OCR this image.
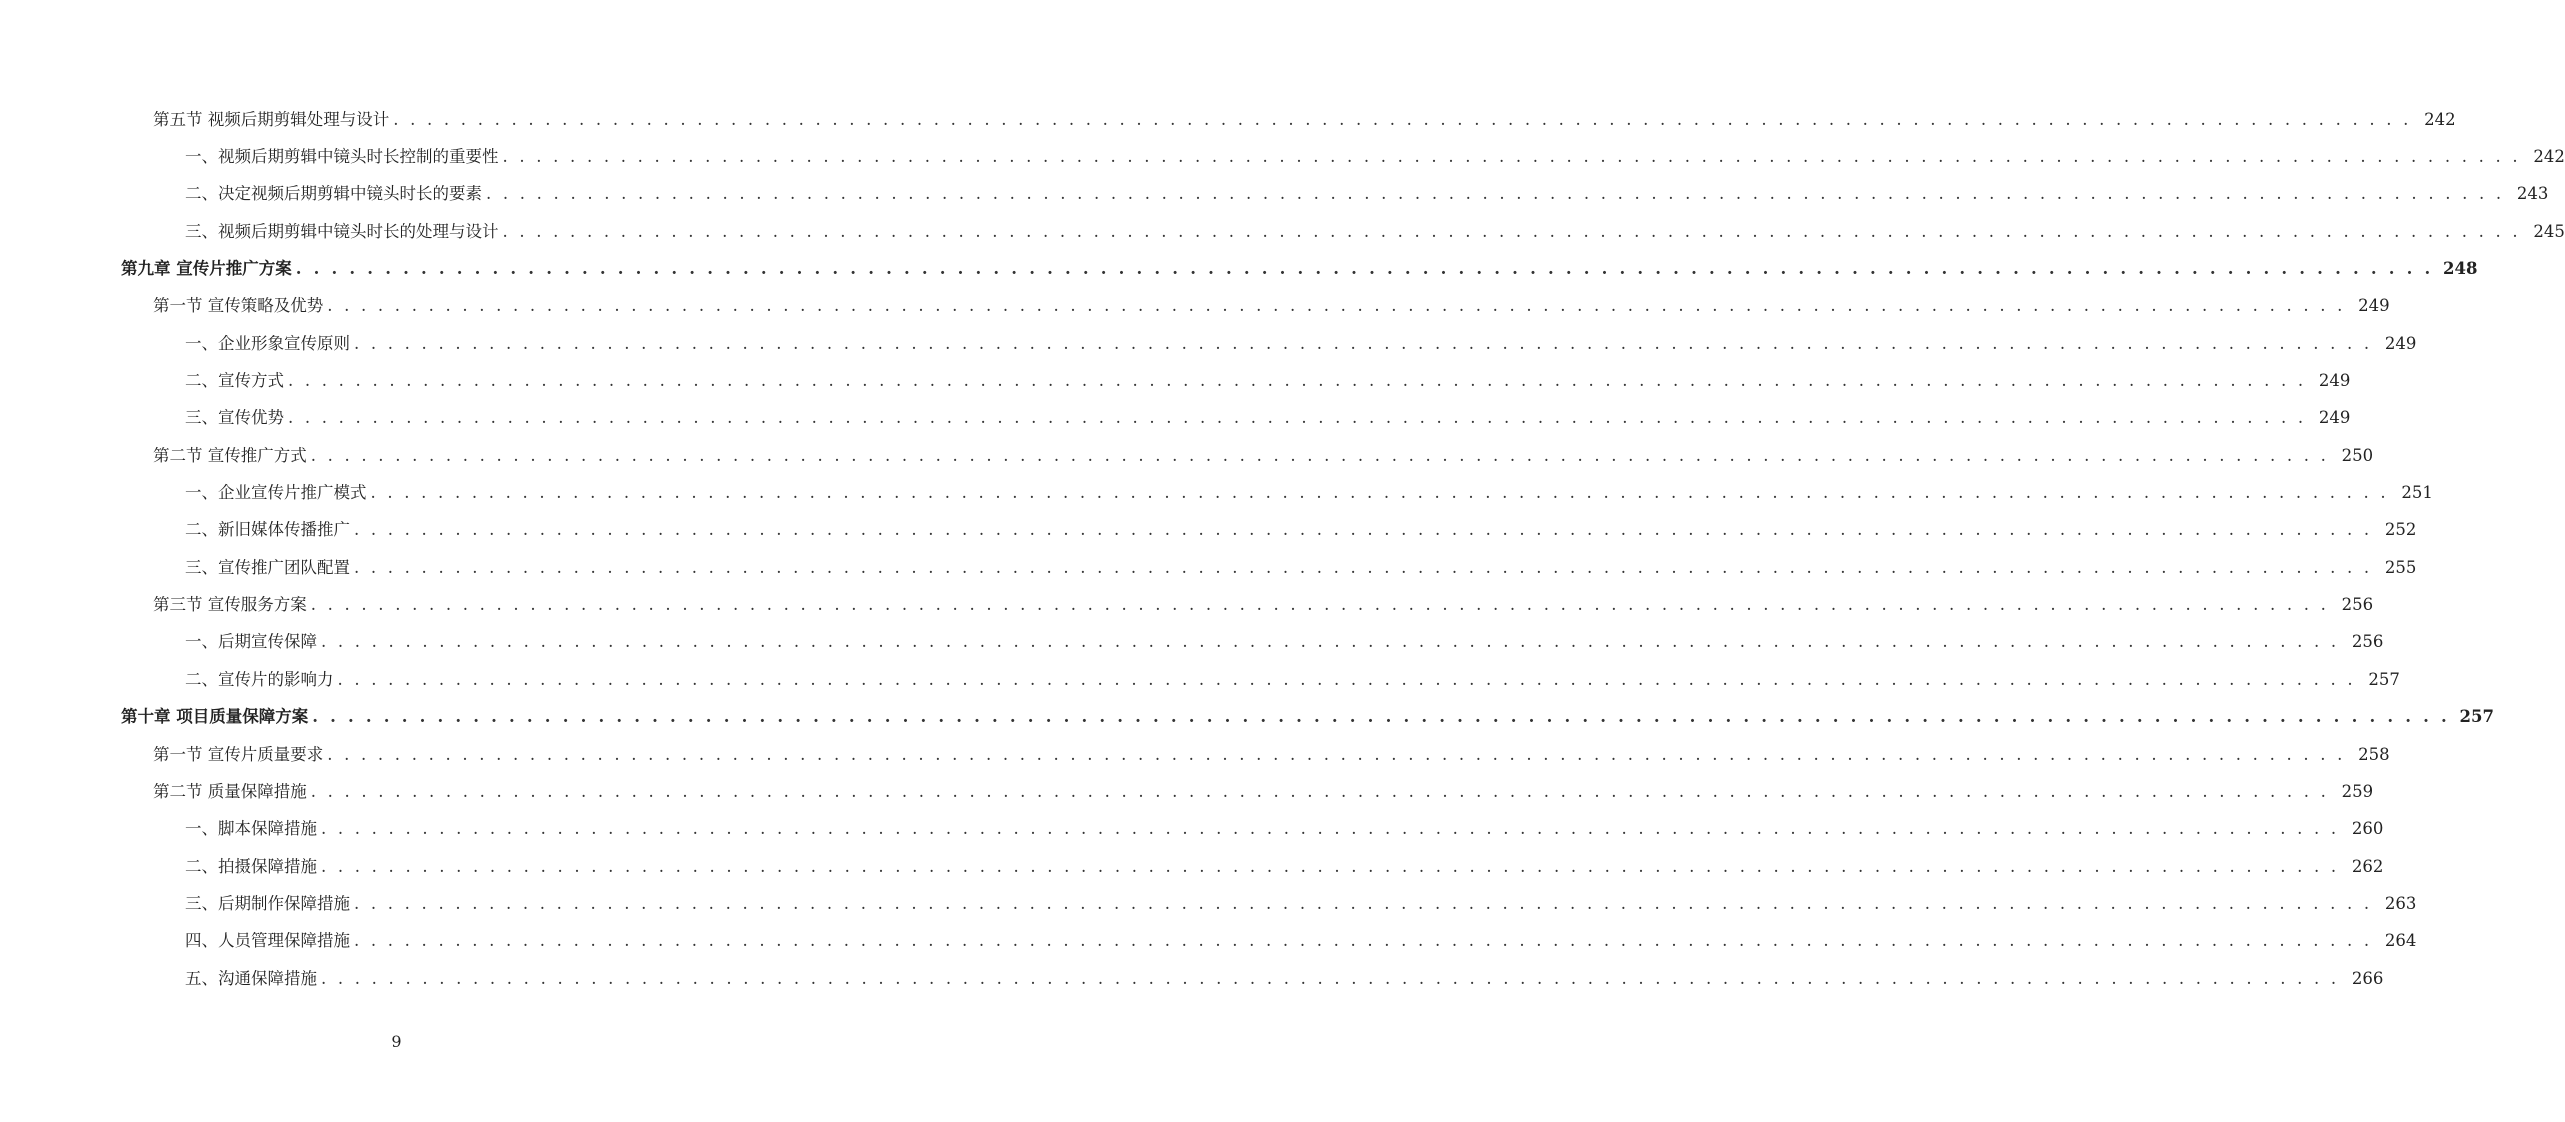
第五节 视频后期剪辑处理与设计 . . . . . . . . . . . . . . . . . . . . . . . . . . . . . . . . . . . . . . . . . . . . . . . . . . . . . . . . . . . . . . . . . . . . . . . . . . . . . . . . . . . . . . . . . . . . . . . . . . . . . . . . . . . . . . . . . . . . . . . . 242
一、视频后期剪辑中镜头时长控制的重要性 . . . . . . . . . . . . . . . . . . . . . . . . . . . . . . . . . . . . . . . . . . . . . . . . . . . . . . . . . . . . . . . . . . . . . . . . . . . . . . . . . . . . . . . . . . . . . . . . . . . . . . . . . . . . . . . . . . . . . . . . 242
二、决定视频后期剪辑中镜头时长的要素 . . . . . . . . . . . . . . . . . . . . . . . . . . . . . . . . . . . . . . . . . . . . . . . . . . . . . . . . . . . . . . . . . . . . . . . . . . . . . . . . . . . . . . . . . . . . . . . . . . . . . . . . . . . . . . . . . . . . . . . . 243
三、视频后期剪辑中镜头时长的处理与设计 . . . . . . . . . . . . . . . . . . . . . . . . . . . . . . . . . . . . . . . . . . . . . . . . . . . . . . . . . . . . . . . . . . . . . . . . . . . . . . . . . . . . . . . . . . . . . . . . . . . . . . . . . . . . . . . . . . . . . . . . 245
第九章 宣传片推广方案 . . . . . . . . . . . . . . . . . . . . . . . . . . . . . . . . . . . . . . . . . . . . . . . . . . . . . . . . . . . . . . . . . . . . . . . . . . . . . . . . . . . . . . . . . . . . . . . . . . . . . . . . . . . . . . . . . . . . . . . . 248
第一节 宣传策略及优势 . . . . . . . . . . . . . . . . . . . . . . . . . . . . . . . . . . . . . . . . . . . . . . . . . . . . . . . . . . . . . . . . . . . . . . . . . . . . . . . . . . . . . . . . . . . . . . . . . . . . . . . . . . . . . . . . . . . . . . . . 249
一、企业形象宣传原则 . . . . . . . . . . . . . . . . . . . . . . . . . . . . . . . . . . . . . . . . . . . . . . . . . . . . . . . . . . . . . . . . . . . . . . . . . . . . . . . . . . . . . . . . . . . . . . . . . . . . . . . . . . . . . . . . . . . . . . . . 249
二、宣传方式 . . . . . . . . . . . . . . . . . . . . . . . . . . . . . . . . . . . . . . . . . . . . . . . . . . . . . . . . . . . . . . . . . . . . . . . . . . . . . . . . . . . . . . . . . . . . . . . . . . . . . . . . . . . . . . . . . . . . . . . . 249
三、宣传优势 . . . . . . . . . . . . . . . . . . . . . . . . . . . . . . . . . . . . . . . . . . . . . . . . . . . . . . . . . . . . . . . . . . . . . . . . . . . . . . . . . . . . . . . . . . . . . . . . . . . . . . . . . . . . . . . . . . . . . . . . 249
第二节 宣传推广方式 . . . . . . . . . . . . . . . . . . . . . . . . . . . . . . . . . . . . . . . . . . . . . . . . . . . . . . . . . . . . . . . . . . . . . . . . . . . . . . . . . . . . . . . . . . . . . . . . . . . . . . . . . . . . . . . . . . . . . . . . 250
一、企业宣传片推广模式 . . . . . . . . . . . . . . . . . . . . . . . . . . . . . . . . . . . . . . . . . . . . . . . . . . . . . . . . . . . . . . . . . . . . . . . . . . . . . . . . . . . . . . . . . . . . . . . . . . . . . . . . . . . . . . . . . . . . . . . . 251
二、新旧媒体传播推广 . . . . . . . . . . . . . . . . . . . . . . . . . . . . . . . . . . . . . . . . . . . . . . . . . . . . . . . . . . . . . . . . . . . . . . . . . . . . . . . . . . . . . . . . . . . . . . . . . . . . . . . . . . . . . . . . . . . . . . . . 252
三、宣传推广团队配置 . . . . . . . . . . . . . . . . . . . . . . . . . . . . . . . . . . . . . . . . . . . . . . . . . . . . . . . . . . . . . . . . . . . . . . . . . . . . . . . . . . . . . . . . . . . . . . . . . . . . . . . . . . . . . . . . . . . . . . . . 255
第三节 宣传服务方案 . . . . . . . . . . . . . . . . . . . . . . . . . . . . . . . . . . . . . . . . . . . . . . . . . . . . . . . . . . . . . . . . . . . . . . . . . . . . . . . . . . . . . . . . . . . . . . . . . . . . . . . . . . . . . . . . . . . . . . . . 256
一、后期宣传保障 . . . . . . . . . . . . . . . . . . . . . . . . . . . . . . . . . . . . . . . . . . . . . . . . . . . . . . . . . . . . . . . . . . . . . . . . . . . . . . . . . . . . . . . . . . . . . . . . . . . . . . . . . . . . . . . . . . . . . . . . 256
二、宣传片的影响力 . . . . . . . . . . . . . . . . . . . . . . . . . . . . . . . . . . . . . . . . . . . . . . . . . . . . . . . . . . . . . . . . . . . . . . . . . . . . . . . . . . . . . . . . . . . . . . . . . . . . . . . . . . . . . . . . . . . . . . . . 257
第十章 项目质量保障方案 . . . . . . . . . . . . . . . . . . . . . . . . . . . . . . . . . . . . . . . . . . . . . . . . . . . . . . . . . . . . . . . . . . . . . . . . . . . . . . . . . . . . . . . . . . . . . . . . . . . . . . . . . . . . . . . . . . . . . . . . 257
第一节 宣传片质量要求 . . . . . . . . . . . . . . . . . . . . . . . . . . . . . . . . . . . . . . . . . . . . . . . . . . . . . . . . . . . . . . . . . . . . . . . . . . . . . . . . . . . . . . . . . . . . . . . . . . . . . . . . . . . . . . . . . . . . . . . . 258
第二节 质量保障措施 . . . . . . . . . . . . . . . . . . . . . . . . . . . . . . . . . . . . . . . . . . . . . . . . . . . . . . . . . . . . . . . . . . . . . . . . . . . . . . . . . . . . . . . . . . . . . . . . . . . . . . . . . . . . . . . . . . . . . . . . 259
一、脚本保障措施 . . . . . . . . . . . . . . . . . . . . . . . . . . . . . . . . . . . . . . . . . . . . . . . . . . . . . . . . . . . . . . . . . . . . . . . . . . . . . . . . . . . . . . . . . . . . . . . . . . . . . . . . . . . . . . . . . . . . . . . . 260
二、拍摄保障措施 . . . . . . . . . . . . . . . . . . . . . . . . . . . . . . . . . . . . . . . . . . . . . . . . . . . . . . . . . . . . . . . . . . . . . . . . . . . . . . . . . . . . . . . . . . . . . . . . . . . . . . . . . . . . . . . . . . . . . . . . 262
三、后期制作保障措施 . . . . . . . . . . . . . . . . . . . . . . . . . . . . . . . . . . . . . . . . . . . . . . . . . . . . . . . . . . . . . . . . . . . . . . . . . . . . . . . . . . . . . . . . . . . . . . . . . . . . . . . . . . . . . . . . . . . . . . . . 263
四、人员管理保障措施 . . . . . . . . . . . . . . . . . . . . . . . . . . . . . . . . . . . . . . . . . . . . . . . . . . . . . . . . . . . . . . . . . . . . . . . . . . . . . . . . . . . . . . . . . . . . . . . . . . . . . . . . . . . . . . . . . . . . . . . . 264
五、沟通保障措施 . . . . . . . . . . . . . . . . . . . . . . . . . . . . . . . . . . . . . . . . . . . . . . . . . . . . . . . . . . . . . . . . . . . . . . . . . . . . . . . . . . . . . . . . . . . . . . . . . . . . . . . . . . . . . . . . . . . . . . . . 266
9
